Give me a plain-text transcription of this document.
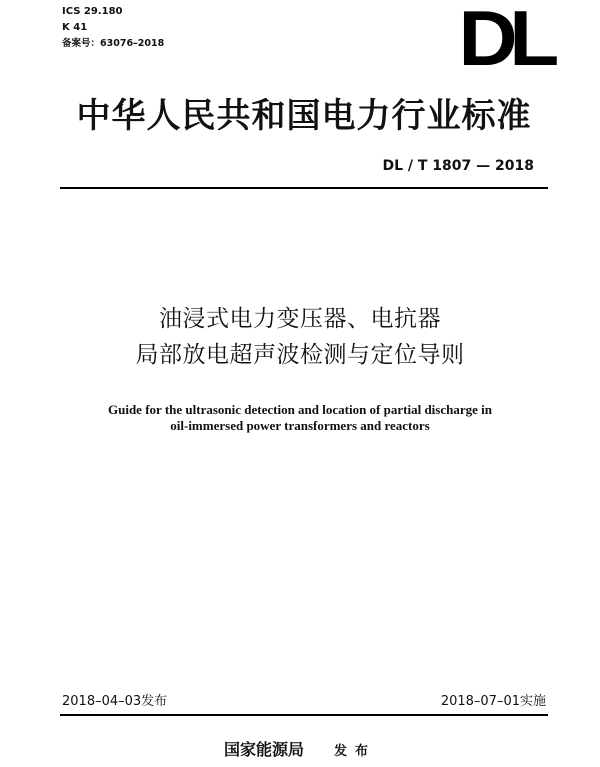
ICS 29.180
K 41
备案号：63076–2018	DL
中华人民共和国电力行业标准
DL / T 1807 — 2018
油浸式电力变压器、电抗器
局部放电超声波检测与定位导则
Guide for the ultrasonic detection and location of partial discharge in
oil-immersed power transformers and reactors
2018–04–03发布	2018–07–01实施
国家能源局 发布
